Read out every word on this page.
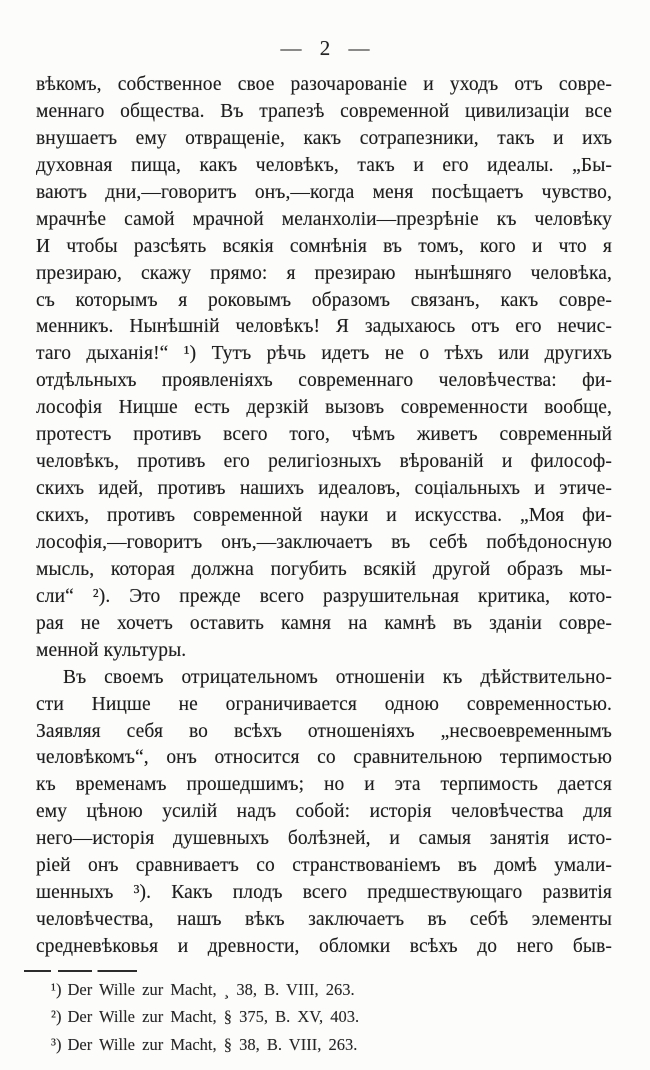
— 2 —
вѣкомъ, собственное свое разочарованіе и уходъ отъ совре-
меннаго общества. Въ трапезѣ современной цивилизаціи все
внушаетъ ему отвращеніе, какъ сотрапезники, такъ и ихъ
духовная пища, какъ человѣкъ, такъ и его идеалы. „Бы-
ваютъ дни,—говоритъ онъ,—когда меня посѣщаетъ чувство,
мрачнѣе самой мрачной меланхоліи—презрѣніе къ человѣку
И чтобы разсѣять всякія сомнѣнія въ томъ, кого и что я
презираю, скажу прямо: я презираю нынѣшняго человѣка,
съ которымъ я роковымъ образомъ связанъ, какъ совре-
менникъ. Нынѣшній человѣкъ! Я задыхаюсь отъ его нечис-
таго дыханія!“ ¹) Тутъ рѣчь идетъ не о тѣхъ или другихъ
отдѣльныхъ проявленіяхъ современнаго человѣчества: фи-
лософія Ницше есть дерзкій вызовъ современности вообще,
протестъ противъ всего того, чѣмъ живетъ современный
человѣкъ, противъ его религіозныхъ вѣрованій и философ-
скихъ идей, противъ нашихъ идеаловъ, соціальныхъ и этиче-
скихъ, противъ современной науки и искусства. „Моя фи-
лософія,—говоритъ онъ,—заключаетъ въ себѣ побѣдоносную
мысль, которая должна погубить всякій другой образъ мы-
сли“ ²). Это прежде всего разрушительная критика, кото-
рая не хочетъ оставить камня на камнѣ въ зданіи совре-
менной культуры.
Въ своемъ отрицательномъ отношеніи къ дѣйствительно-
сти Ницше не ограничивается одною современностью.
Заявляя себя во всѣхъ отношеніяхъ „несвоевременнымъ
человѣкомъ“, онъ относится со сравнительною терпимостью
къ временамъ прошедшимъ; но и эта терпимость дается
ему цѣною усилій надъ собой: исторія человѣчества для
него—исторія душевныхъ болѣзней, и самыя занятія исто-
ріей онъ сравниваетъ со странствованіемъ въ домѣ умали-
шенныхъ ³). Какъ плодъ всего предшествующаго развитія
человѣчества, нашъ вѣкъ заключаетъ въ себѣ элементы
средневѣковья и древности, обломки всѣхъ до него быв-
¹) Der Wille zur Macht, ¸ 38, B. VIII, 263.
²) Der Wille zur Macht, § 375, B. XV, 403.
³) Der Wille zur Macht, § 38, B. VIII, 263.
